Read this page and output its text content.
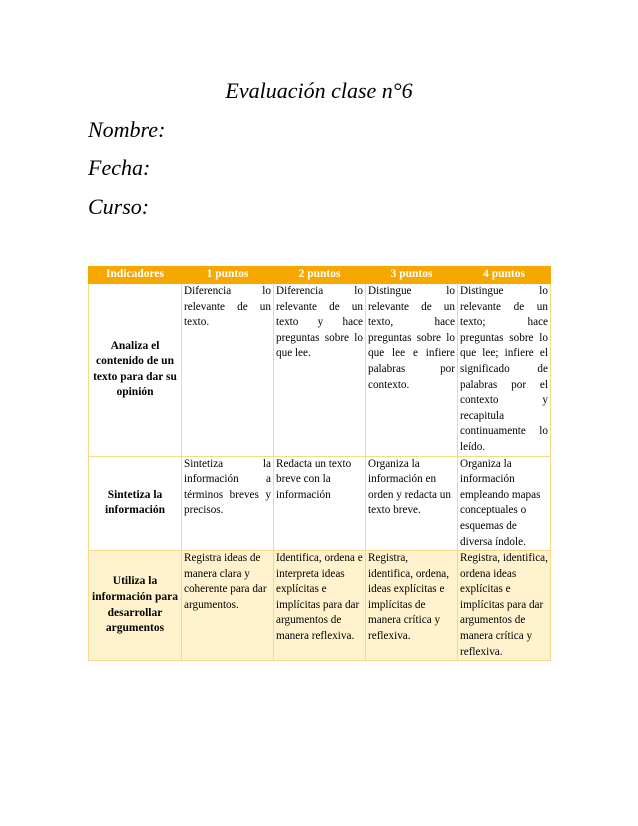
Evaluación clase n°6

Nombre:

Fecha:

Curso:

Indicadores	1 puntos	2 puntos	3 puntos	4 puntos
Analiza el contenido de un texto para dar su opinión	Diferencia lo relevante de un texto.	Diferencia lo relevante de un texto y hace preguntas sobre lo que lee.	Distingue lo relevante de un texto, hace preguntas sobre lo que lee e infiere palabras por contexto.	Distingue lo relevante de un texto; hace preguntas sobre lo que lee; infiere el significado de palabras por el contexto y recapitula continuamente lo leído.
Sintetiza la información	Sintetiza la información a términos breves y precisos.	Redacta un texto breve con la información	Organiza la información en orden y redacta un texto breve.	Organiza la información empleando mapas conceptuales o esquemas de diversa índole.
Utiliza la información para desarrollar argumentos	Registra ideas de manera clara y coherente para dar argumentos.	Identifica, ordena e interpreta ideas explícitas e implícitas para dar argumentos de manera reflexiva.	Registra, identifica, ordena, ideas explícitas e implícitas de manera crítica y reflexiva.	Registra, identifica, ordena ideas explícitas e implícitas para dar argumentos de manera crítica y reflexiva.
